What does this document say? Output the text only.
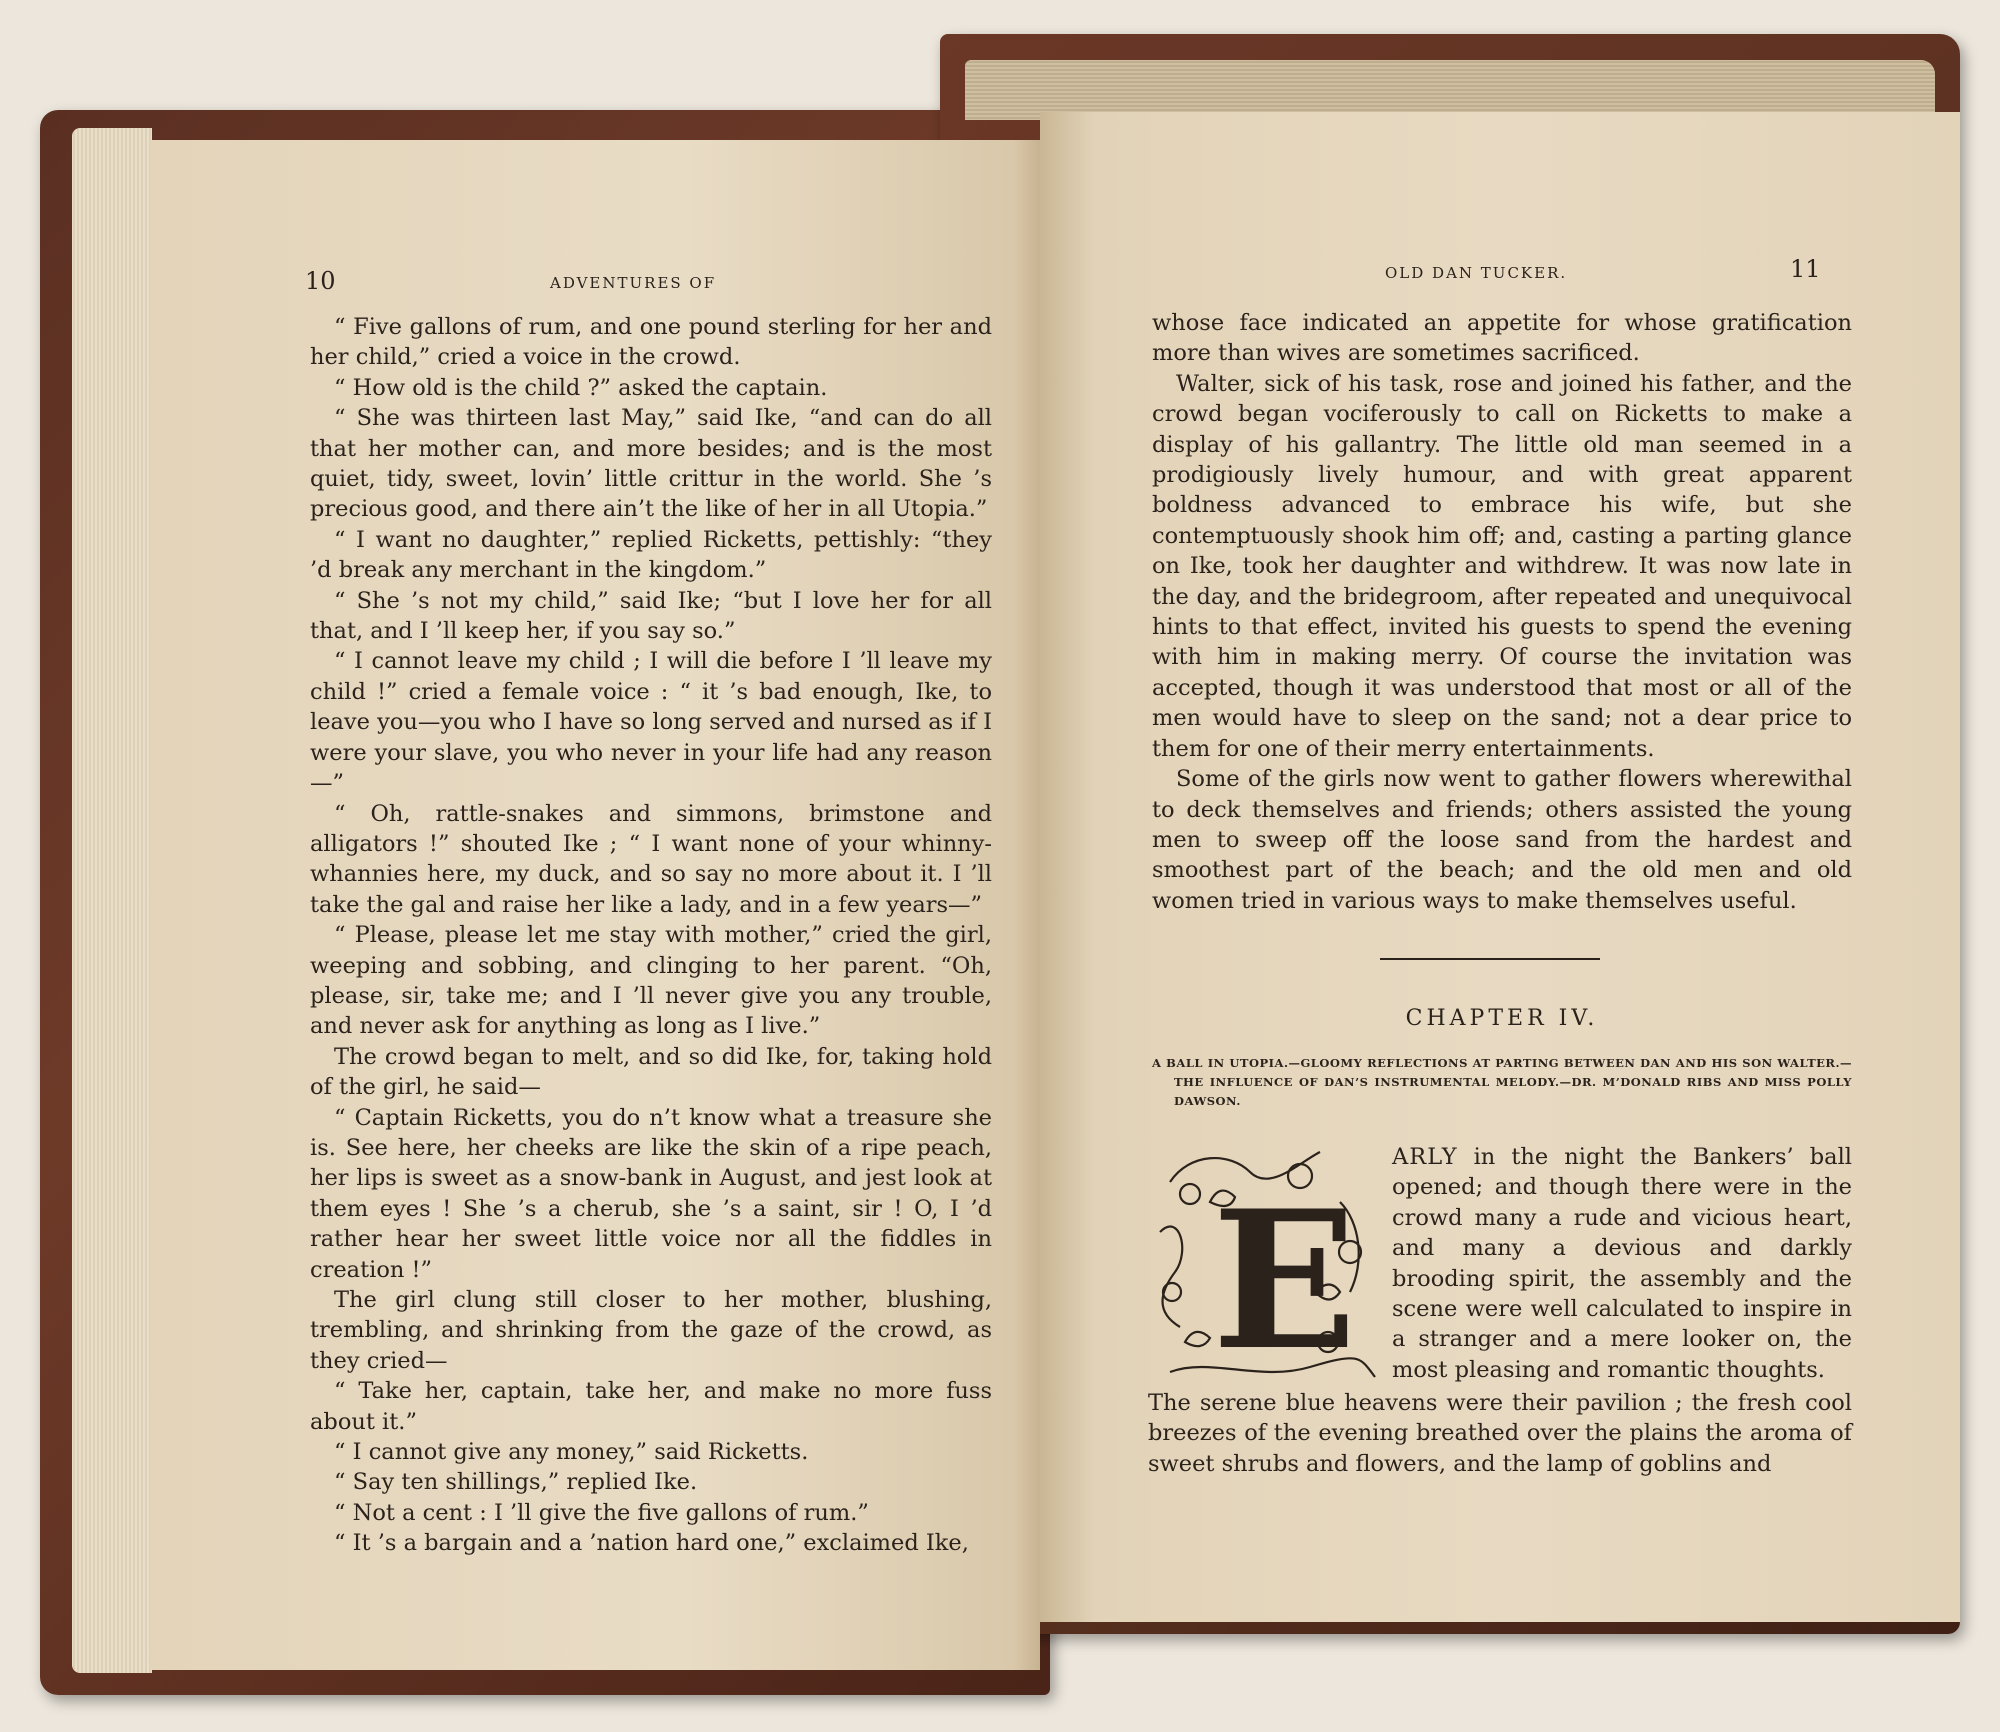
10	ADVENTURES OF

“ Five gallons of rum, and one pound sterling for her and her child,” cried a voice in the crowd.

“ How old is the child ?” asked the captain.

“ She was thirteen last May,” said Ike, “and can do all that her mother can, and more besides; and is the most quiet, tidy, sweet, lovin’ little crittur in the world. She ’s precious good, and there ain’t the like of her in all Utopia.”

“ I want no daughter,” replied Ricketts, pettishly: “they ’d break any merchant in the kingdom.”

“ She ’s not my child,” said Ike; “but I love her for all that, and I ’ll keep her, if you say so.”

“ I cannot leave my child ; I will die before I ’ll leave my child !” cried a female voice : “ it ’s bad enough, Ike, to leave you—you who I have so long served and nursed as if I were your slave, you who never in your life had any reason—”

“ Oh, rattle-snakes and simmons, brimstone and alligators !” shouted Ike ; “ I want none of your whinny-whannies here, my duck, and so say no more about it. I ’ll take the gal and raise her like a lady, and in a few years—”

“ Please, please let me stay with mother,” cried the girl, weeping and sobbing, and clinging to her parent. “Oh, please, sir, take me; and I ’ll never give you any trouble, and never ask for anything as long as I live.”

The crowd began to melt, and so did Ike, for, taking hold of the girl, he said—

“ Captain Ricketts, you do n’t know what a treasure she is. See here, her cheeks are like the skin of a ripe peach, her lips is sweet as a snow-bank in August, and jest look at them eyes ! She ’s a cherub, she ’s a saint, sir ! O, I ’d rather hear her sweet little voice nor all the fiddles in creation !”

The girl clung still closer to her mother, blushing, trembling, and shrinking from the gaze of the crowd, as they cried—

“ Take her, captain, take her, and make no more fuss about it.”

“ I cannot give any money,” said Ricketts.

“ Say ten shillings,” replied Ike.

“ Not a cent : I ’ll give the five gallons of rum.”

“ It ’s a bargain and a ’nation hard one,” exclaimed Ike,

OLD DAN TUCKER.	11

whose face indicated an appetite for whose gratification more than wives are sometimes sacrificed.

Walter, sick of his task, rose and joined his father, and the crowd began vociferously to call on Ricketts to make a display of his gallantry. The little old man seemed in a prodigiously lively humour, and with great apparent boldness advanced to embrace his wife, but she contemptuously shook him off; and, casting a parting glance on Ike, took her daughter and withdrew. It was now late in the day, and the bridegroom, after repeated and unequivocal hints to that effect, invited his guests to spend the evening with him in making merry. Of course the invitation was accepted, though it was understood that most or all of the men would have to sleep on the sand; not a dear price to them for one of their merry entertainments.

Some of the girls now went to gather flowers wherewithal to deck themselves and friends; others assisted the young men to sweep off the loose sand from the hardest and smoothest part of the beach; and the old men and old women tried in various ways to make themselves useful.

CHAPTER IV.

A BALL IN UTOPIA.—GLOOMY REFLECTIONS AT PARTING BETWEEN DAN AND HIS SON WALTER.—THE INFLUENCE OF DAN’S INSTRUMENTAL MELODY.—DR. M’DONALD RIBS AND MISS POLLY DAWSON.

E

ARLY in the night the Bankers’ ball opened; and though there were in the crowd many a rude and vicious heart, and many a devious and darkly brooding spirit, the assembly and the scene were well calculated to inspire in a stranger and a mere looker on, the most pleasing and romantic thoughts.

The serene blue heavens were their pavilion ; the fresh cool breezes of the evening breathed over the plains the aroma of sweet shrubs and flowers, and the lamp of goblins and
